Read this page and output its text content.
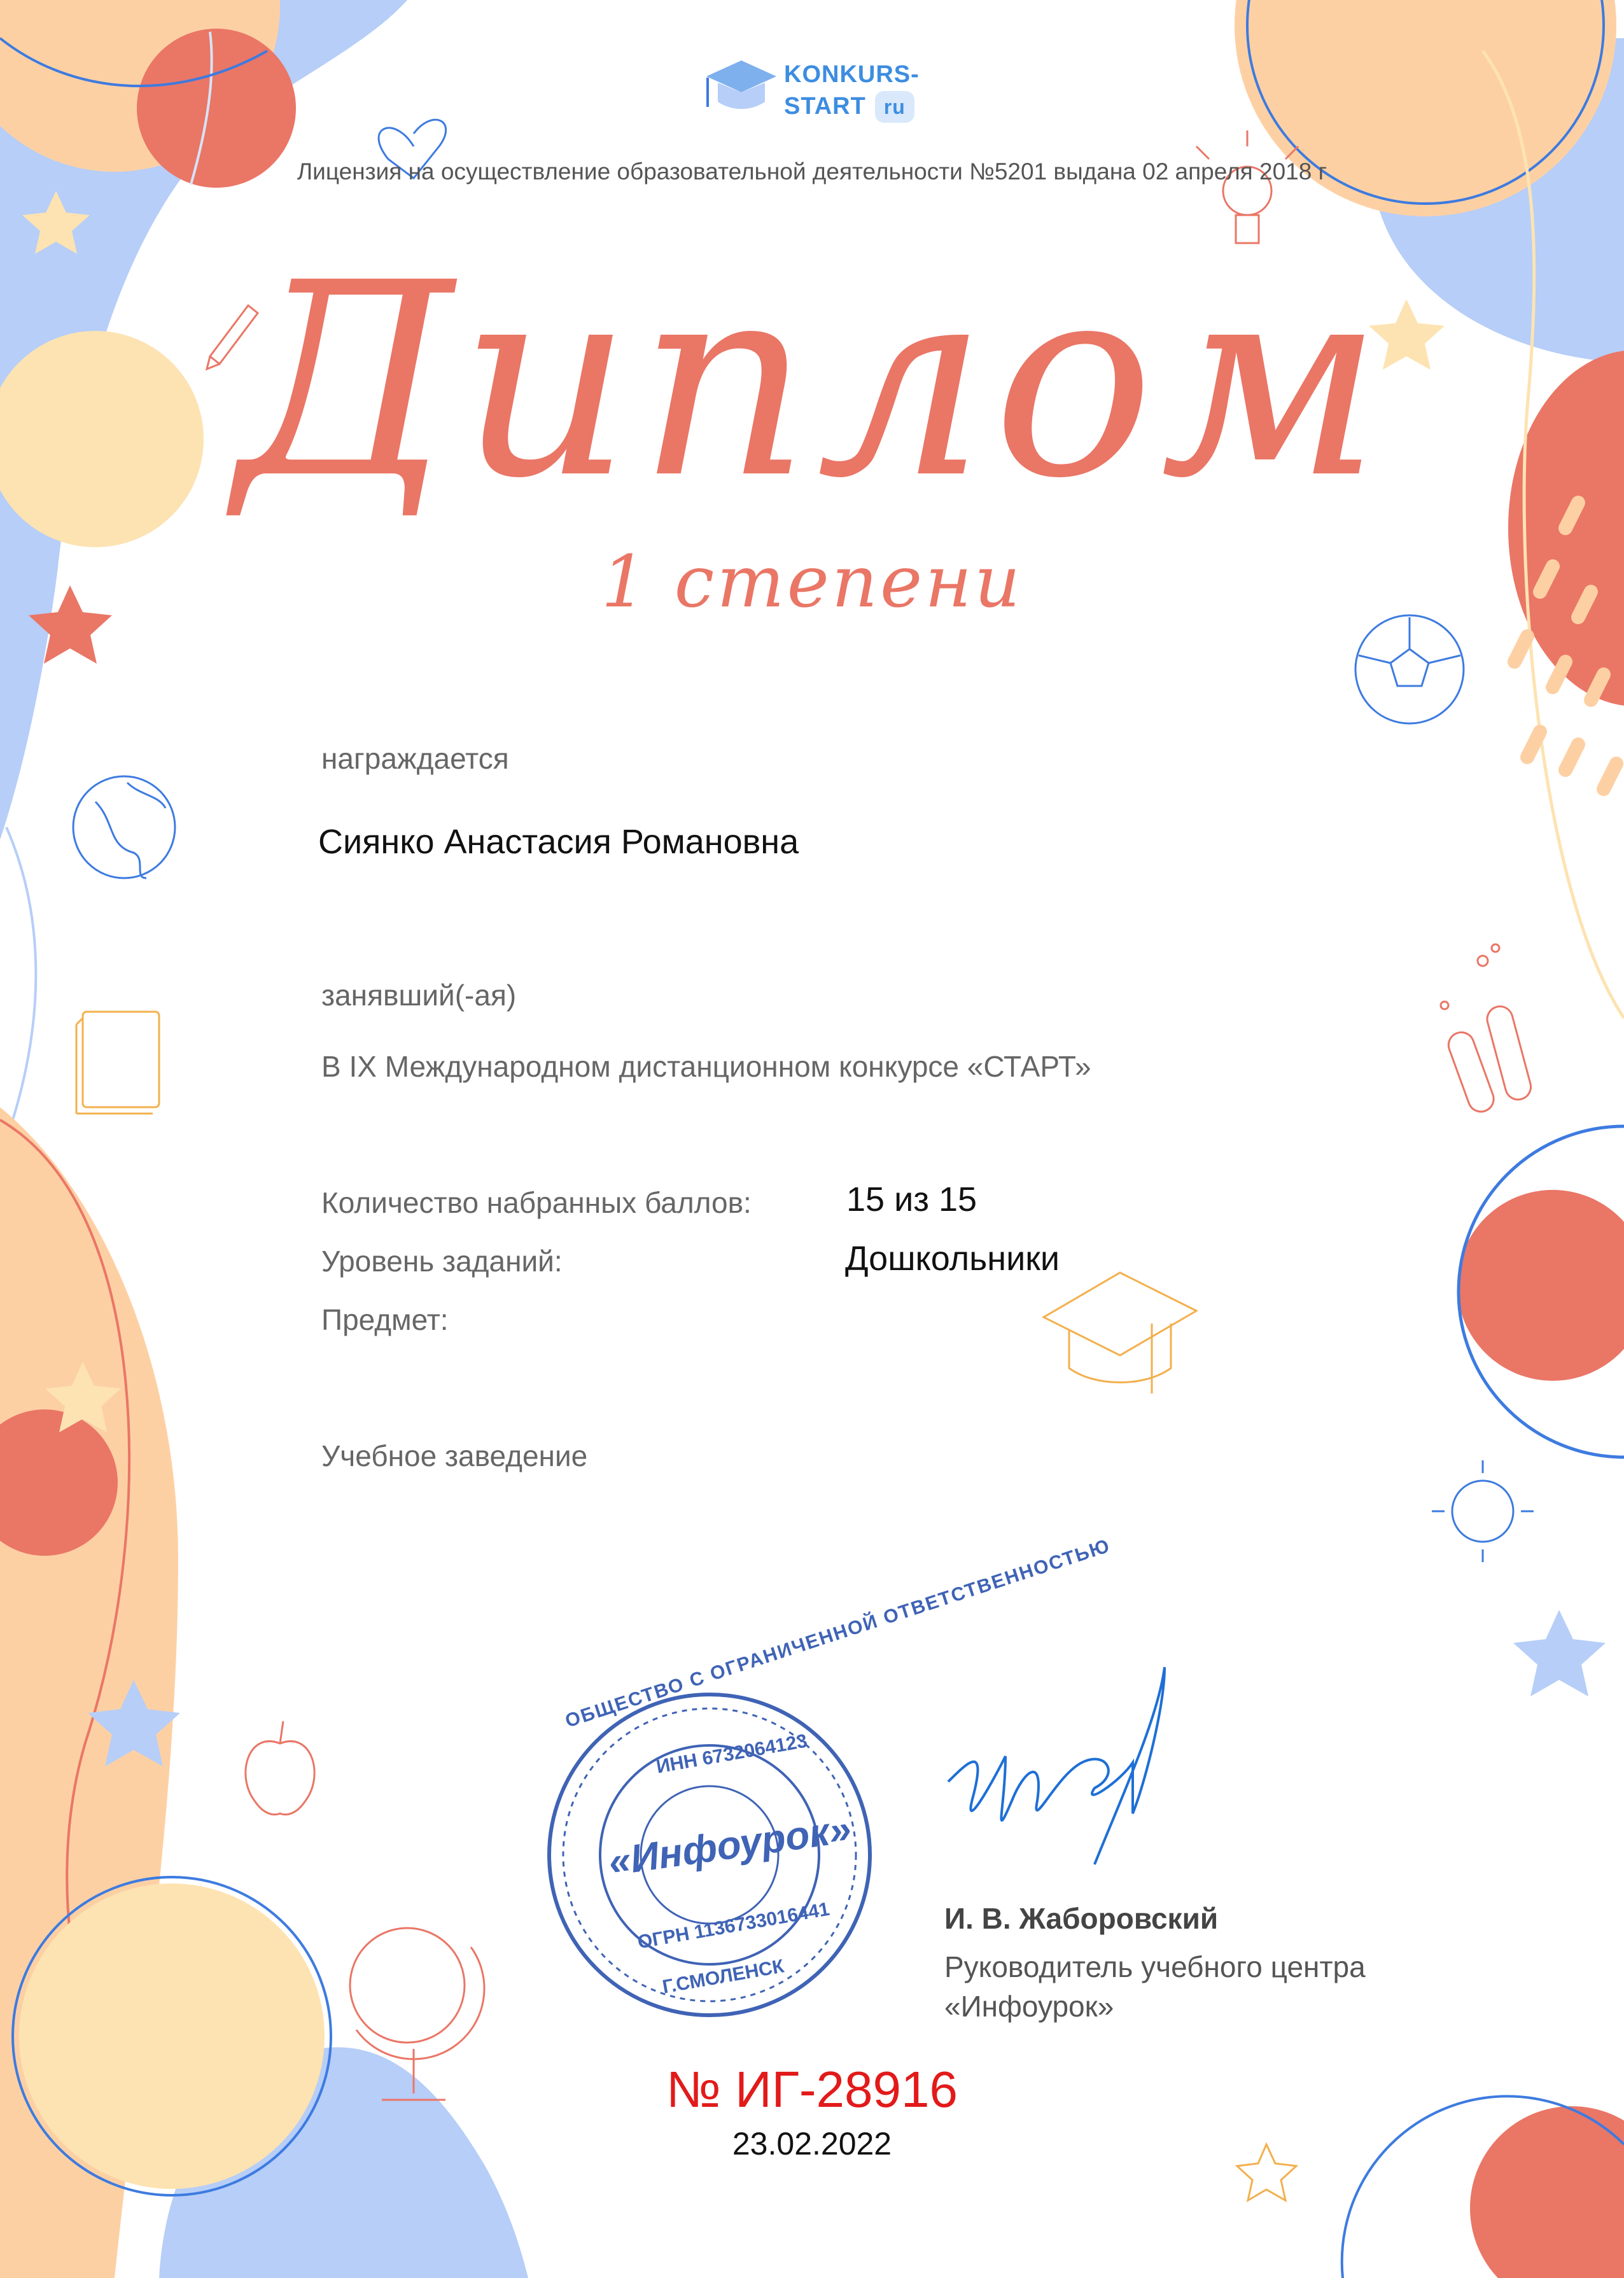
KONKURS-
START ru
Лицензия на осуществление образовательной деятельности №5201 выдана 02 апреля 2018 г
Диплом
1 степени
награждается
Сиянко Анастасия Романовна
занявший(-ая)
В IX Международном дистанционном конкурсе «СТАРТ»
Количество набранных баллов:	15 из 15
Уровень заданий:	Дошкольники
Предмет:
Учебное заведение
ОБЩЕСТВО С ОГРАНИЧЕННОЙ ОТВЕТСТВЕННОСТЬЮ
ИНН 6732064123
«Инфоурок»
ОГРН 1136733016441
Г.СМОЛЕНСК
И. В. Жаборовский
Руководитель учебного центра «Инфоурок»
№ ИГ-28916
23.02.2022
